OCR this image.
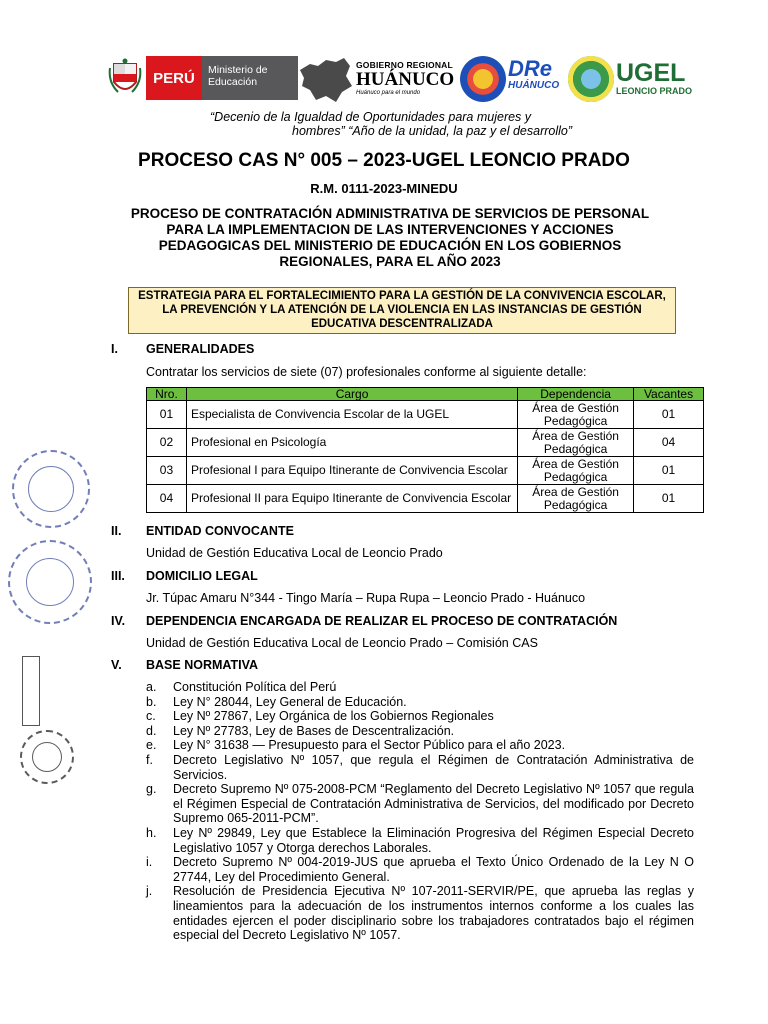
PERÚ	Ministerio de Educación
GOBIERNO REGIONAL
HUÁNUCO
Huánuco para el mundo
DRe
HUÁNUCO UGEL
LEONCIO PRADO
“Decenio de la Igualdad de Oportunidades para mujeres y
hombres” “Año de la unidad, la paz y el desarrollo”
PROCESO CAS N° 005 – 2023-UGEL LEONCIO PRADO
R.M. 0111-2023-MINEDU
PROCESO DE CONTRATACIÓN ADMINISTRATIVA DE SERVICIOS DE PERSONAL PARA LA IMPLEMENTACION DE LAS INTERVENCIONES Y ACCIONES PEDAGOGICAS DEL MINISTERIO DE EDUCACIÓN EN LOS GOBIERNOS REGIONALES, PARA EL AÑO 2023
ESTRATEGIA PARA EL FORTALECIMIENTO PARA LA GESTIÓN DE LA CONVIVENCIA ESCOLAR, LA PREVENCIÓN Y LA ATENCIÓN DE LA VIOLENCIA EN LAS INSTANCIAS DE GESTIÓN EDUCATIVA DESCENTRALIZADA
I. GENERALIDADES
Contratar los servicios de siete (07) profesionales conforme al siguiente detalle:
Nro.	Cargo	Dependencia	Vacantes
01	Especialista de Convivencia Escolar de la UGEL	Área de Gestión Pedagógica	01
02	Profesional en Psicología	Área de Gestión Pedagógica	04
03	Profesional I para Equipo Itinerante de Convivencia Escolar	Área de Gestión Pedagógica	01
04	Profesional II para Equipo Itinerante de Convivencia Escolar	Área de Gestión Pedagógica	01
II. ENTIDAD CONVOCANTE
Unidad de Gestión Educativa Local de Leoncio Prado
III. DOMICILIO LEGAL
Jr. Túpac Amaru N°344 - Tingo María – Rupa Rupa – Leoncio Prado - Huánuco
IV. DEPENDENCIA ENCARGADA DE REALIZAR EL PROCESO DE CONTRATACIÓN
Unidad de Gestión Educativa Local de Leoncio Prado – Comisión CAS
V. BASE NORMATIVA
a.	Constitución Política del Perú
b.	Ley N° 28044, Ley General de Educación.
c.	Ley Nº 27867, Ley Orgánica de los Gobiernos Regionales
d.	Ley Nº 27783, Ley de Bases de Descentralización.
e.	Ley N° 31638 — Presupuesto para el Sector Público para el año 2023.
f.	Decreto Legislativo Nº 1057, que regula el Régimen de Contratación Administrativa de Servicios.
g.	Decreto Supremo Nº 075-2008-PCM “Reglamento del Decreto Legislativo Nº 1057 que regula el Régimen Especial de Contratación Administrativa de Servicios, del modificado por Decreto Supremo 065-2011-PCM”.
h.	Ley Nº 29849, Ley que Establece la Eliminación Progresiva del Régimen Especial Decreto Legislativo 1057 y Otorga derechos Laborales.
i.	Decreto Supremo Nº 004-2019-JUS que aprueba el Texto Único Ordenado de la Ley N O 27744, Ley del Procedimiento General.
j.	Resolución de Presidencia Ejecutiva Nº 107-2011-SERVIR/PE, que aprueba las reglas y lineamientos para la adecuación de los instrumentos internos conforme a los cuales las entidades ejercen el poder disciplinario sobre los trabajadores contratados bajo el régimen especial del Decreto Legislativo Nº 1057.
